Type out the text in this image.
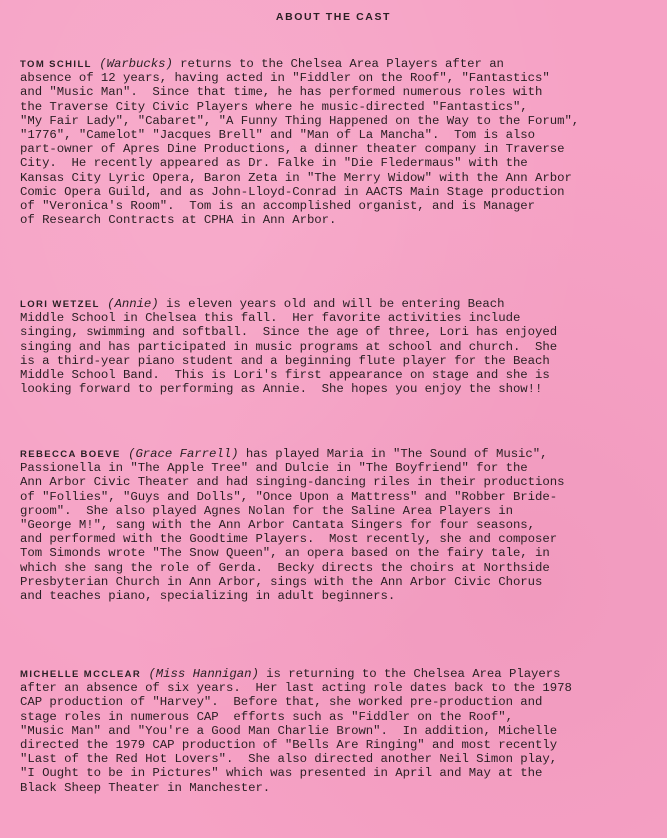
ABOUT THE CAST
TOM SCHILL (Warbucks) returns to the Chelsea Area Players after an
absence of 12 years, having acted in "Fiddler on the Roof", "Fantastics"
and "Music Man".  Since that time, he has performed numerous roles with
the Traverse City Civic Players where he music-directed "Fantastics",
"My Fair Lady", "Cabaret", "A Funny Thing Happened on the Way to the Forum",
"1776", "Camelot" "Jacques Brell" and "Man of La Mancha".  Tom is also
part-owner of Apres Dine Productions, a dinner theater company in Traverse
City.  He recently appeared as Dr. Falke in "Die Fledermaus" with the
Kansas City Lyric Opera, Baron Zeta in "The Merry Widow" with the Ann Arbor
Comic Opera Guild, and as John-Lloyd-Conrad in AACTS Main Stage production
of "Veronica's Room".  Tom is an accomplished organist, and is Manager
of Research Contracts at CPHA in Ann Arbor.
LORI WETZEL (Annie) is eleven years old and will be entering Beach
Middle School in Chelsea this fall.  Her favorite activities include
singing, swimming and softball.  Since the age of three, Lori has enjoyed
singing and has participated in music programs at school and church.  She
is a third-year piano student and a beginning flute player for the Beach
Middle School Band.  This is Lori's first appearance on stage and she is
looking forward to performing as Annie.  She hopes you enjoy the show!!
REBECCA BOEVE (Grace Farrell) has played Maria in "The Sound of Music",
Passionella in "The Apple Tree" and Dulcie in "The Boyfriend" for the
Ann Arbor Civic Theater and had singing-dancing riles in their productions
of "Follies", "Guys and Dolls", "Once Upon a Mattress" and "Robber Bride-
groom".  She also played Agnes Nolan for the Saline Area Players in
"George M!", sang with the Ann Arbor Cantata Singers for four seasons,
and performed with the Goodtime Players.  Most recently, she and composer
Tom Simonds wrote "The Snow Queen", an opera based on the fairy tale, in
which she sang the role of Gerda.  Becky directs the choirs at Northside
Presbyterian Church in Ann Arbor, sings with the Ann Arbor Civic Chorus
and teaches piano, specializing in adult beginners.
MICHELLE MCCLEAR (Miss Hannigan) is returning to the Chelsea Area Players
after an absence of six years.  Her last acting role dates back to the 1978
CAP production of "Harvey".  Before that, she worked pre-production and
stage roles in numerous CAP  efforts such as "Fiddler on the Roof",
"Music Man" and "You're a Good Man Charlie Brown".  In addition, Michelle
directed the 1979 CAP production of "Bells Are Ringing" and most recently
"Last of the Red Hot Lovers".  She also directed another Neil Simon play,
"I Ought to be in Pictures" which was presented in April and May at the
Black Sheep Theater in Manchester.
